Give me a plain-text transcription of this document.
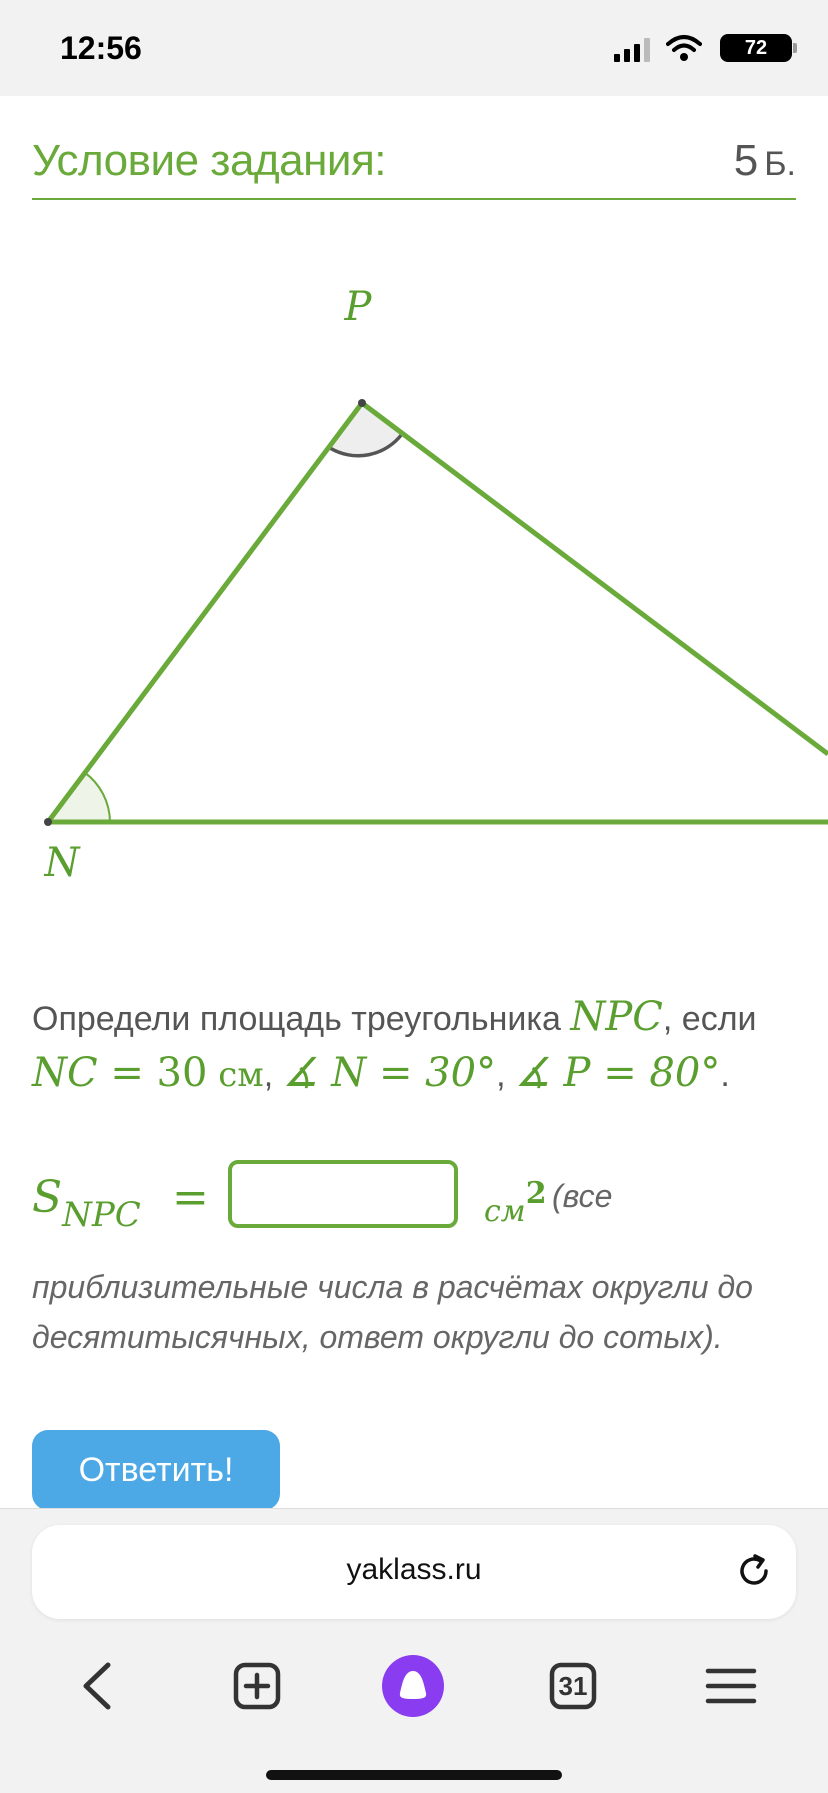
12:56	72
Условие задания:	5 Б.
P
N
Определи площадь треугольника NPC, если
NC = 30 см, ∡ N = 30°, ∡ P = 80°.
$S_{NPC}$ =	$см^2$ (все
приблизительные числа в расчётах округли до десятитысячных, ответ округли до сотых).
Ответить!
yaklass.ru
31
